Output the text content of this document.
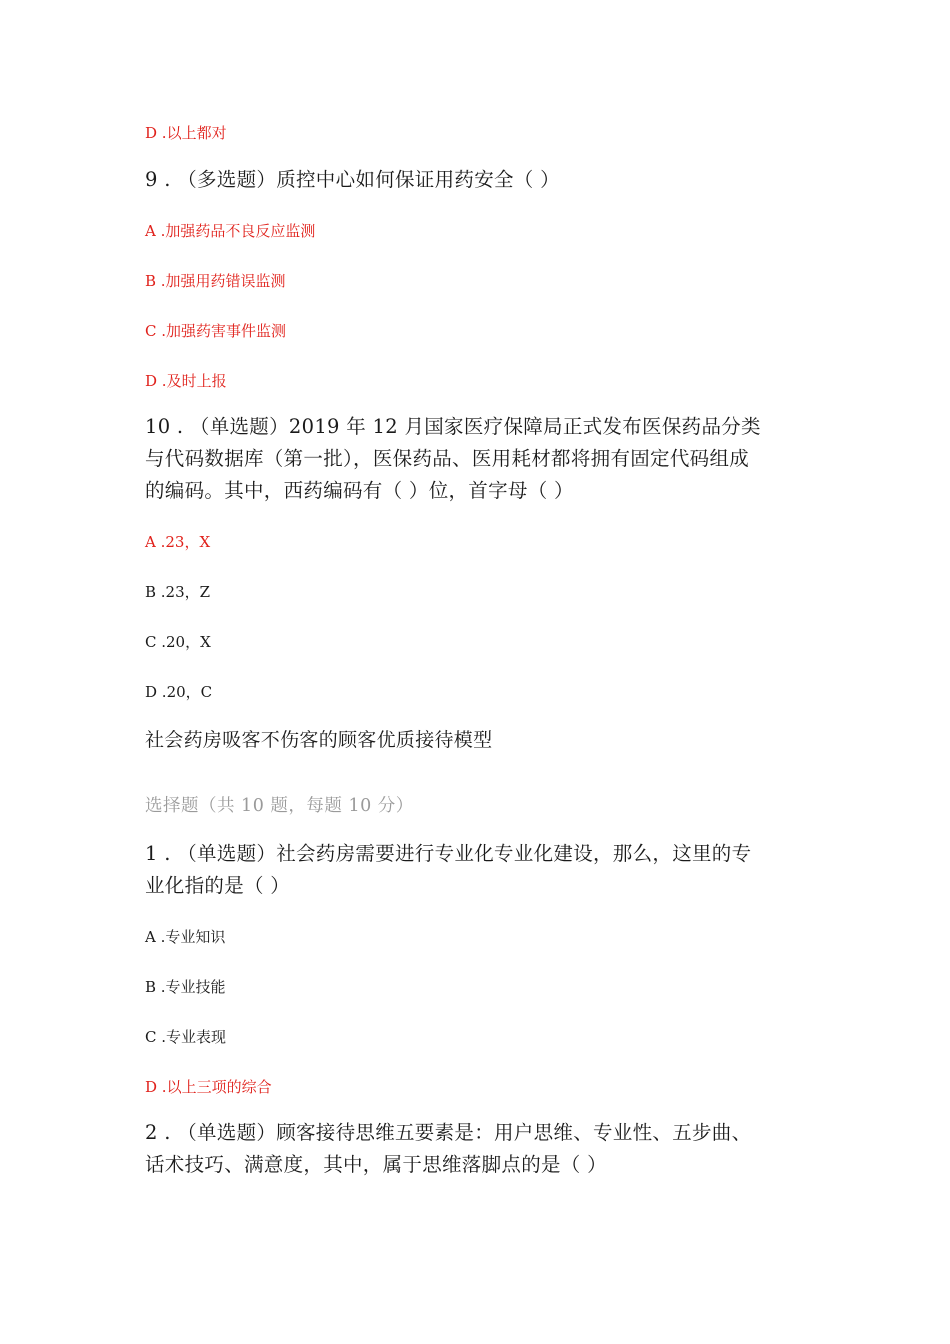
D .以上都对
9 . （多选题）质控中心如何保证用药安全（ ）
A .加强药品不良反应监测
B .加强用药错误监测
C .加强药害事件监测
D .及时上报
10 . （单选题）2019 年 12 月国家医疗保障局正式发布医保药品分类
与代码数据库（第一批），医保药品、医用耗材都将拥有固定代码组成
的编码。其中，西药编码有（ ）位，首字母（ ）
A .23，X
B .23，Z
C .20，X
D .20，C
社会药房吸客不伤客的顾客优质接待模型
选择题（共 10 题，每题 10 分）
1 . （单选题）社会药房需要进行专业化专业化建设，那么，这里的专
业化指的是（ ）
A .专业知识
B .专业技能
C .专业表现
D .以上三项的综合
2 . （单选题）顾客接待思维五要素是：用户思维、专业性、五步曲、
话术技巧、满意度，其中，属于思维落脚点的是（ ）
